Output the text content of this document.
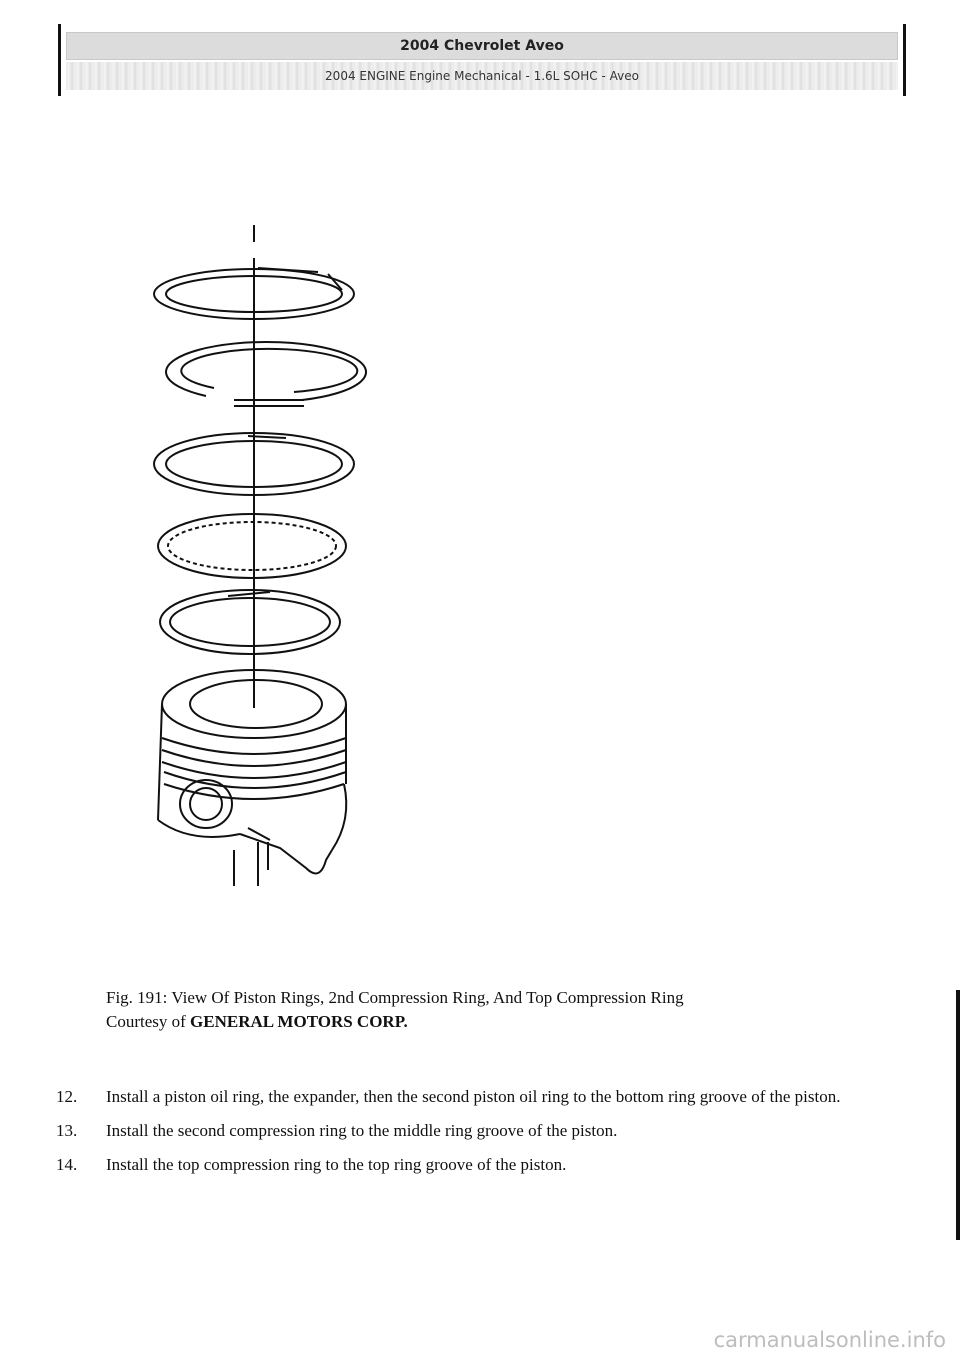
2004 Chevrolet Aveo
2004 ENGINE Engine Mechanical - 1.6L SOHC - Aveo

Fig. 191: View Of Piston Rings, 2nd Compression Ring, And Top Compression Ring

Courtesy of GENERAL MOTORS CORP.

12.	Install a piston oil ring, the expander, then the second piston oil ring to the bottom ring groove of the piston.
13.	Install the second compression ring to the middle ring groove of the piston.
14.	Install the top compression ring to the top ring groove of the piston.
carmanualsonline.info
